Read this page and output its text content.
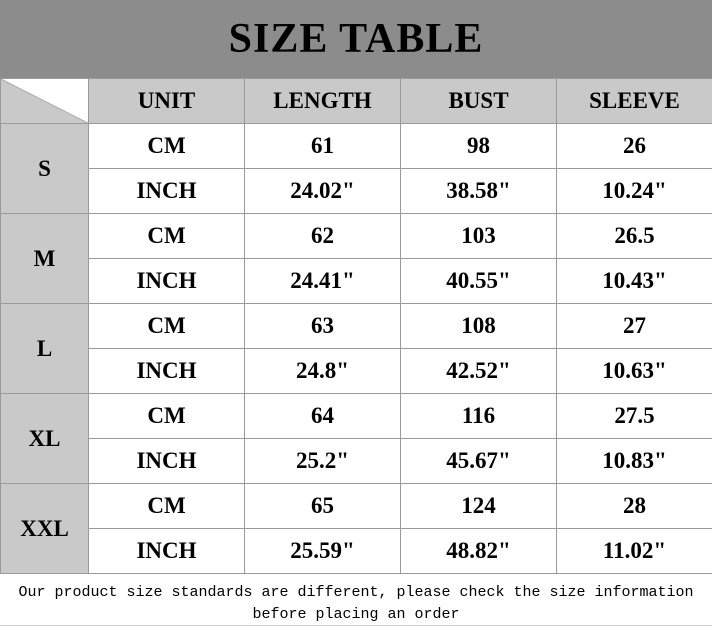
SIZE TABLE
	UNIT	LENGTH	BUST	SLEEVE
S	CM	61	98	26
	INCH	24.02"	38.58"	10.24"
M	CM	62	103	26.5
	INCH	24.41"	40.55"	10.43"
L	CM	63	108	27
	INCH	24.8"	42.52"	10.63"
XL	CM	64	116	27.5
	INCH	25.2"	45.67"	10.83"
XXL	CM	65	124	28
	INCH	25.59"	48.82"	11.02"
Our product size standards are different, please check the size information
before placing an order
